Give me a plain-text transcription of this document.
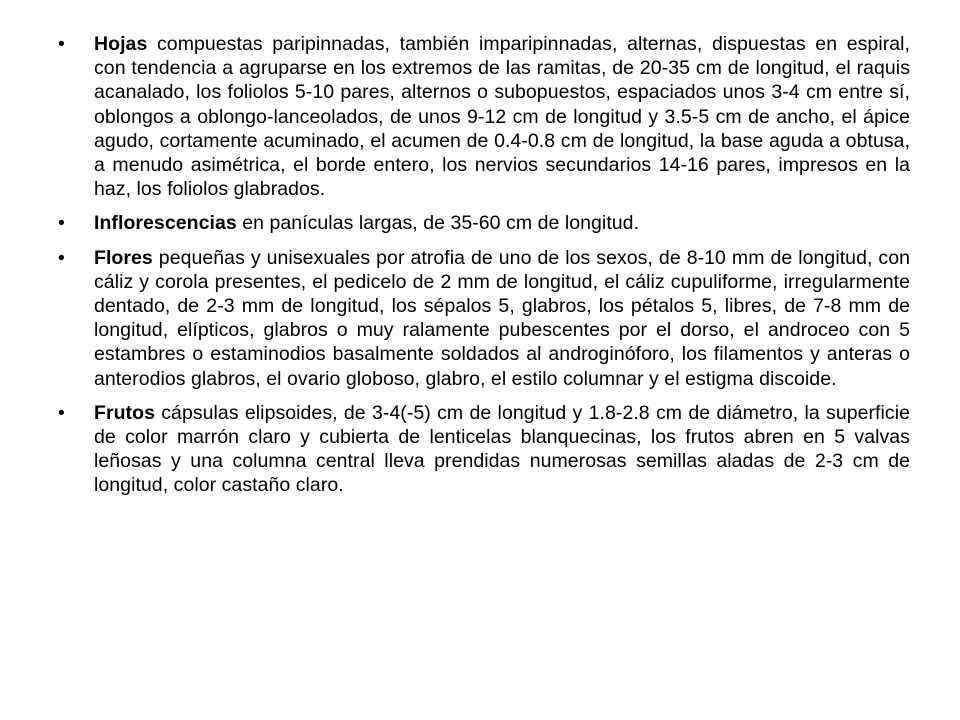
•	Hojas compuestas paripinnadas, también imparipinnadas, alternas, dispuestas en espiral, con tendencia a agruparse en los extremos de las ramitas, de 20-35 cm de longitud, el raquis acanalado, los foliolos 5-10 pares, alternos o subopuestos, espaciados unos 3-4 cm entre sí, oblongos a oblongo-lanceolados, de unos 9-12 cm de longitud y 3.5-5 cm de ancho, el ápice agudo, cortamente acuminado, el acumen de 0.4-0.8 cm de longitud, la base aguda a obtusa, a menudo asimétrica, el borde entero, los nervios secundarios 14-16 pares, impresos en la haz, los foliolos glabrados.
•	Inflorescencias en panículas largas, de 35-60 cm de longitud.
•	Flores pequeñas y unisexuales por atrofia de uno de los sexos, de 8-10 mm de longitud, con cáliz y corola presentes, el pedicelo de 2 mm de longitud, el cáliz cupuliforme, irregularmente dentado, de 2-3 mm de longitud, los sépalos 5, glabros, los pétalos 5, libres, de 7-8 mm de longitud, elípticos, glabros o muy ralamente pubescentes por el dorso, el androceo con 5 estambres o estaminodios basalmente soldados al androginóforo, los filamentos y anteras o anterodios glabros, el ovario globoso, glabro, el estilo columnar y el estigma discoide.
•	Frutos cápsulas elipsoides, de 3-4(-5) cm de longitud y 1.8-2.8 cm de diámetro, la superficie de color marrón claro y cubierta de lenticelas blanquecinas, los frutos abren en 5 valvas leñosas y una columna central lleva prendidas numerosas semillas aladas de 2-3 cm de longitud, color castaño claro.
